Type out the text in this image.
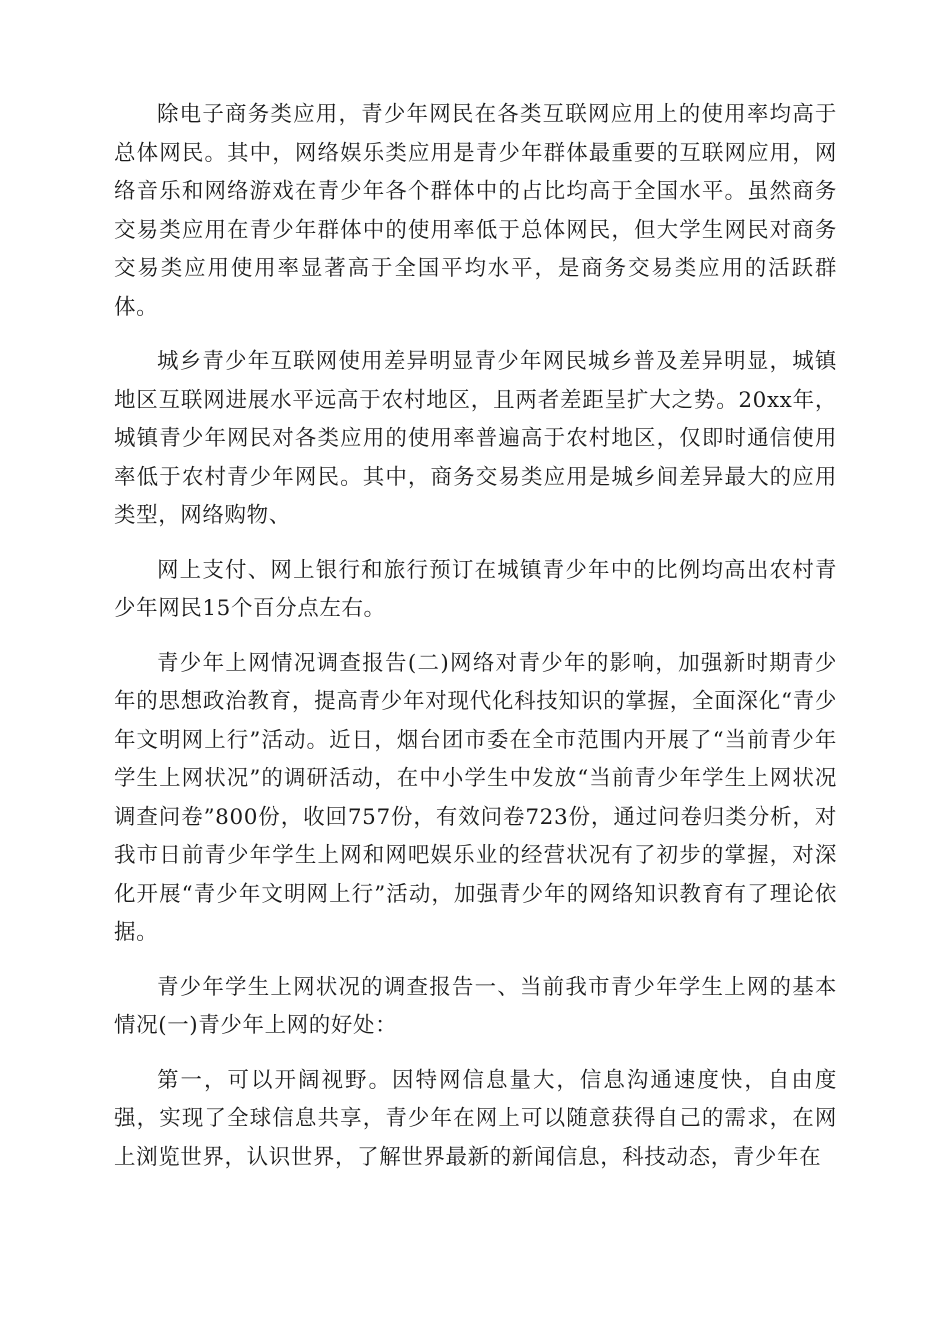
除电子商务类应用，青少年网民在各类互联网应用上的使用率均高于总体网民。其中，网络娱乐类应用是青少年群体最重要的互联网应用，网络音乐和网络游戏在青少年各个群体中的占比均高于全国水平。虽然商务交易类应用在青少年群体中的使用率低于总体网民，但大学生网民对商务交易类应用使用率显著高于全国平均水平，是商务交易类应用的活跃群体。

城乡青少年互联网使用差异明显青少年网民城乡普及差异明显，城镇地区互联网进展水平远高于农村地区，且两者差距呈扩大之势。20xx年，城镇青少年网民对各类应用的使用率普遍高于农村地区，仅即时通信使用率低于农村青少年网民。其中，商务交易类应用是城乡间差异最大的应用类型，网络购物、

网上支付、网上银行和旅行预订在城镇青少年中的比例均高出农村青少年网民15个百分点左右。

青少年上网情况调查报告(二)网络对青少年的影响，加强新时期青少年的思想政治教育，提高青少年对现代化科技知识的掌握，全面深化“青少年文明网上行”活动。近日，烟台团市委在全市范围内开展了“当前青少年学生上网状况”的调研活动，在中小学生中发放“当前青少年学生上网状况调查问卷”800份，收回757份，有效问卷723份，通过问卷归类分析，对我市日前青少年学生上网和网吧娱乐业的经营状况有了初步的掌握，对深化开展“青少年文明网上行”活动，加强青少年的网络知识教育有了理论依据。

青少年学生上网状况的调查报告一、当前我市青少年学生上网的基本情况(一)青少年上网的好处：

第一，可以开阔视野。因特网信息量大，信息沟通速度快，自由度强，实现了全球信息共享，青少年在网上可以随意获得自己的需求，在网上浏览世界，认识世界，了解世界最新的新闻信息，科技动态，青少年在
